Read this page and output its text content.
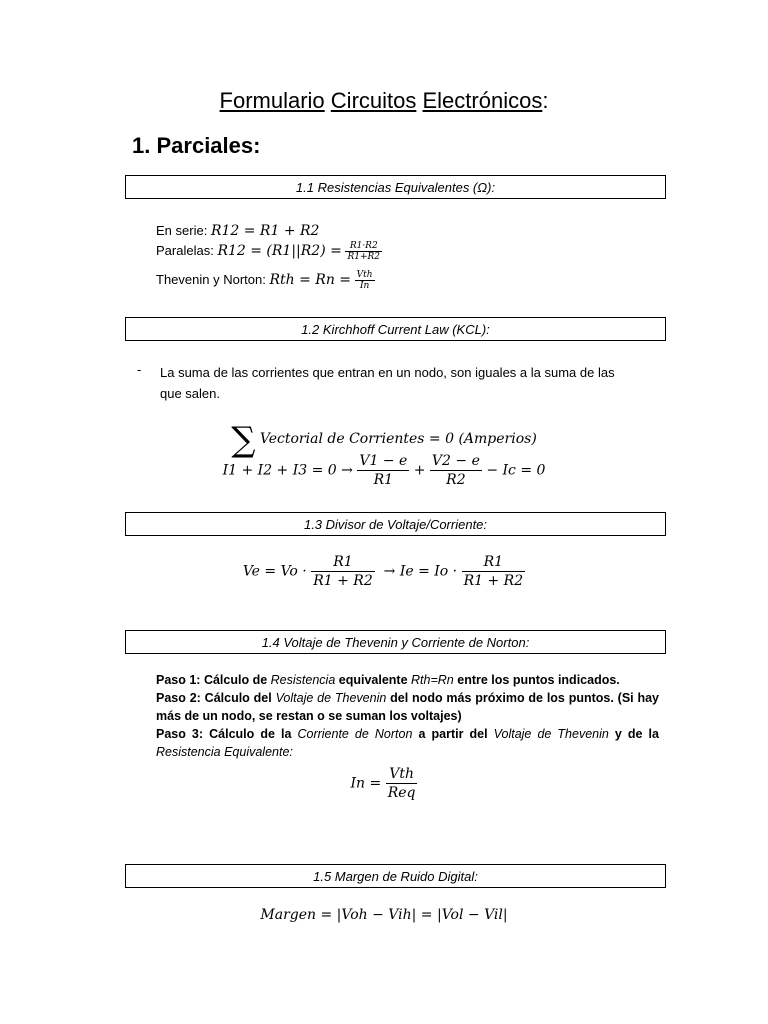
Formulario Circuitos Electrónicos:
1. Parciales:
1.1 Resistencias Equivalentes (Ω):
En serie: R12 = R1 + R2
Paralelas: $R12 = (R1||R2) = \frac{R1\cdot R2}{R1+R2}$
Thevenin y Norton: Rth = $Rn = \frac{\text{Vth}}{In}$
1.2 Kirchhoff Current Law (KCL):
- La suma de las corrientes que entran en un nodo, son iguales a la suma de las
que salen.
∑ Vectorial de Corrientes = 0 (Amperios)
$I1 + I2 + I3 = 0 \to \frac{V1 - e}{R1} + \frac{V2 - e}{R2} - Ic = 0$
1.3 Divisor de Voltaje/Corriente:
$Ve = Vo \cdot \frac{R1}{R1 + R2} \to Ie = Io \cdot \frac{R1}{R1 + R2}$
1.4 Voltaje de Thevenin y Corriente de Norton:
Paso 1: Cálculo de Resistencia equivalente Rth=Rn entre los puntos indicados.
Paso 2: Cálculo del Voltaje de Thevenin del nodo más próximo de los puntos. (Si hay más de un nodo, se restan o se suman los voltajes)
Paso 3: Cálculo de la Corriente de Norton a partir del Voltaje de Thevenin y de la Resistencia Equivalente:
$In = \frac{\text{Vth}}{\text{Req}}$
1.5 Margen de Ruido Digital:
Margen = |Voh − Vih| = |Vol − Vil|
